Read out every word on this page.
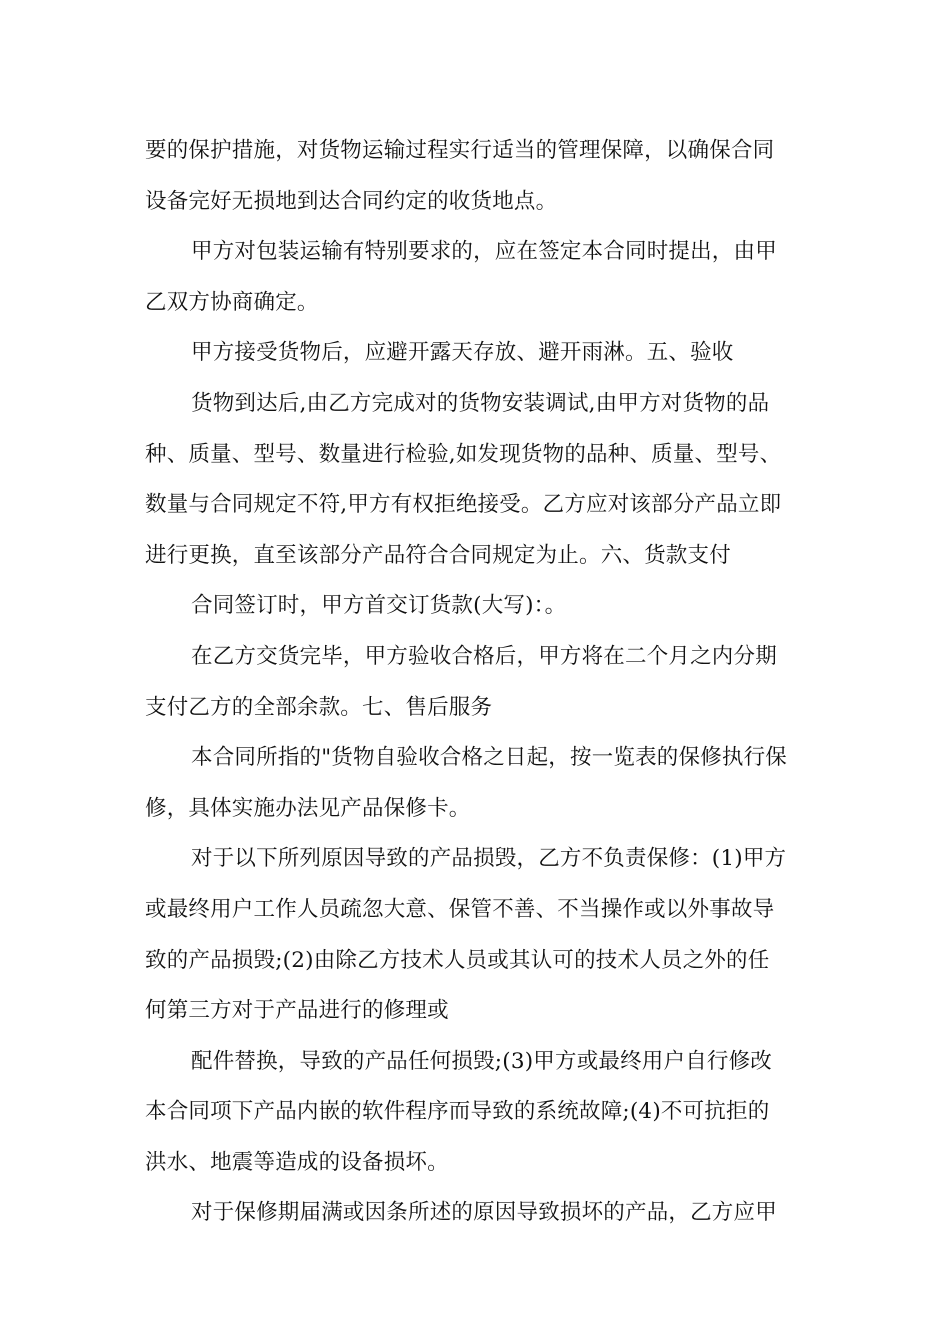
要的保护措施，对货物运输过程实行适当的管理保障，以确保合同
设备完好无损地到达合同约定的收货地点。
甲方对包装运输有特别要求的，应在签定本合同时提出，由甲
乙双方协商确定。
甲方接受货物后，应避开露天存放、避开雨淋。五、验收
货物到达后,由乙方完成对的货物安装调试,由甲方对货物的品
种、质量、型号、数量进行检验,如发现货物的品种、质量、型号、
数量与合同规定不符,甲方有权拒绝接受。乙方应对该部分产品立即
进行更换，直至该部分产品符合合同规定为止。六、货款支付
合同签订时，甲方首交订货款(大写)：。
在乙方交货完毕，甲方验收合格后，甲方将在二个月之内分期
支付乙方的全部余款。七、售后服务
本合同所指的"货物自验收合格之日起，按一览表的保修执行保
修，具体实施办法见产品保修卡。
对于以下所列原因导致的产品损毁，乙方不负责保修：(1)甲方
或最终用户工作人员疏忽大意、保管不善、不当操作或以外事故导
致的产品损毁;(2)由除乙方技术人员或其认可的技术人员之外的任
何第三方对于产品进行的修理或
配件替换，导致的产品任何损毁;(3)甲方或最终用户自行修改
本合同项下产品内嵌的软件程序而导致的系统故障;(4)不可抗拒的
洪水、地震等造成的设备损坏。
对于保修期届满或因条所述的原因导致损坏的产品，乙方应甲
